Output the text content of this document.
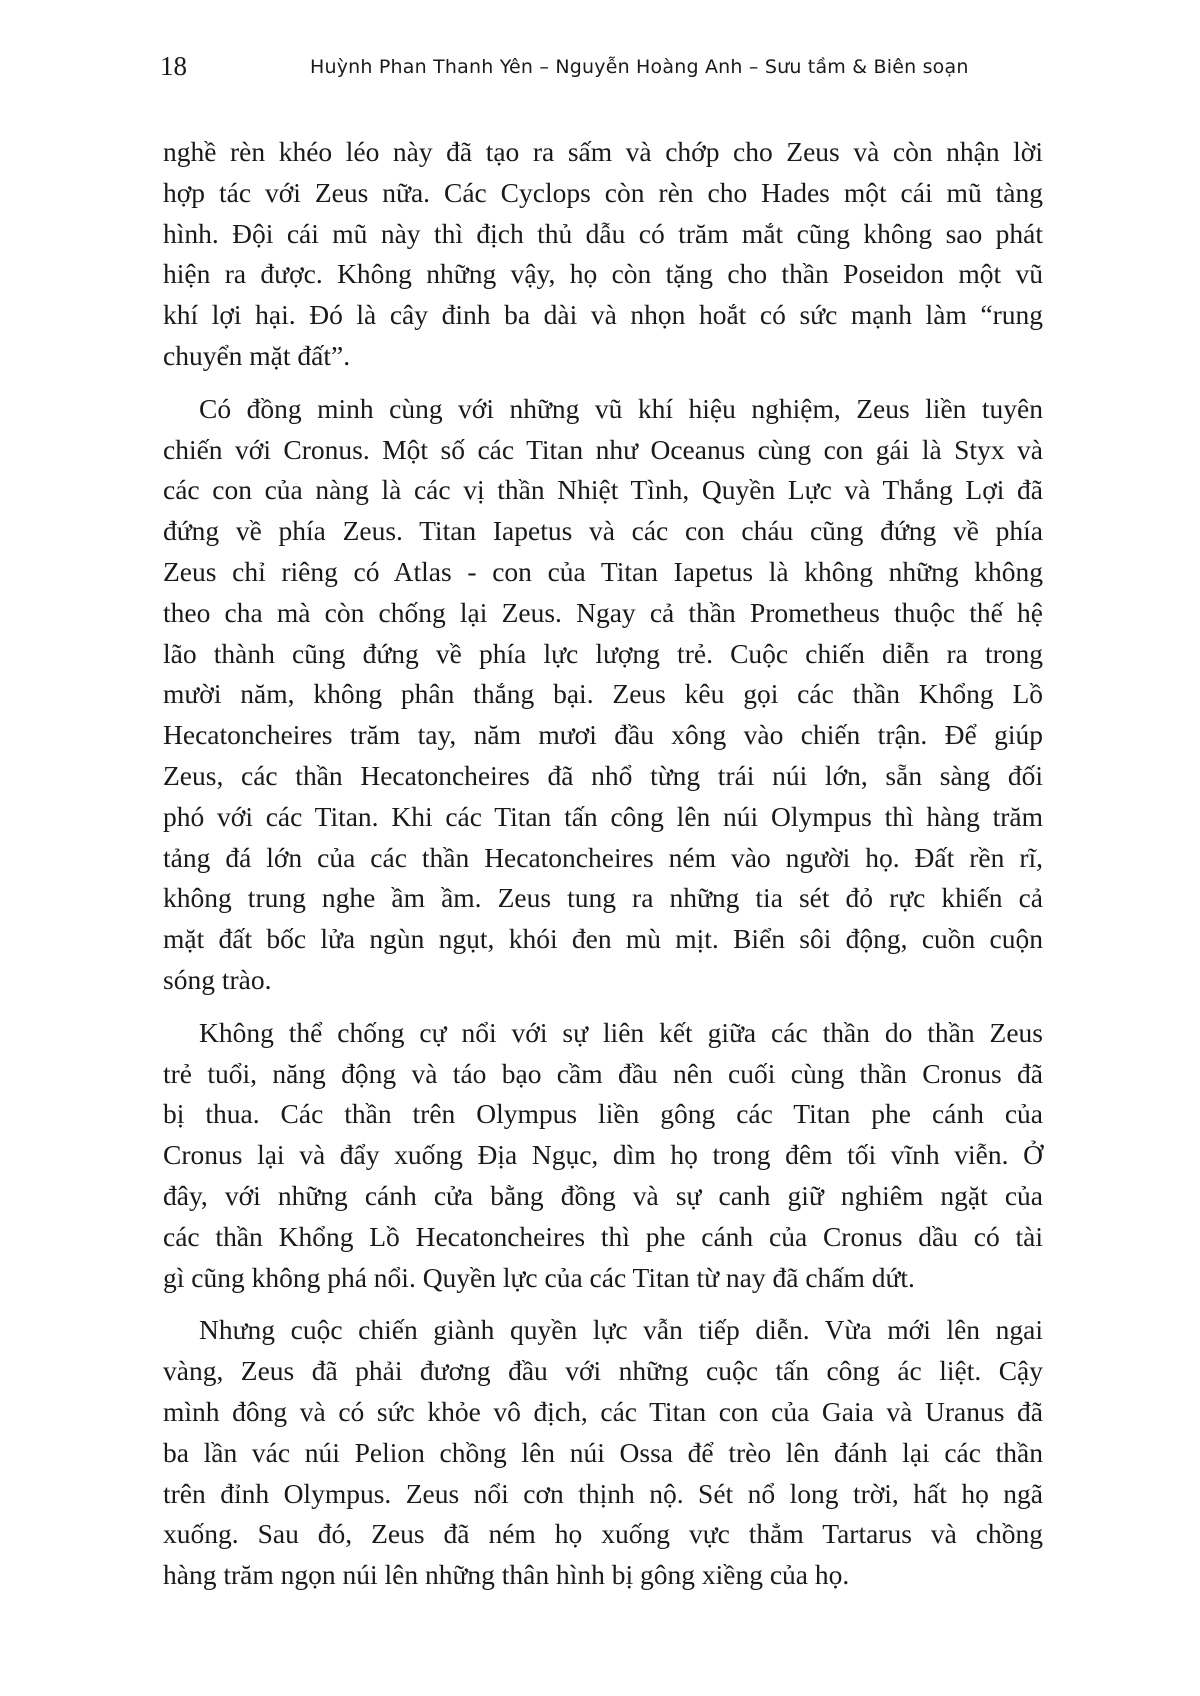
18	Huỳnh Phan Thanh Yên – Nguyễn Hoàng Anh – Sưu tầm & Biên soạn

nghề rèn khéo léo này đã tạo ra sấm và chớp cho Zeus và còn nhận lời
hợp tác với Zeus nữa. Các Cyclops còn rèn cho Hades một cái mũ tàng
hình. Đội cái mũ này thì địch thủ dẫu có trăm mắt cũng không sao phát
hiện ra được. Không những vậy, họ còn tặng cho thần Poseidon một vũ
khí lợi hại. Đó là cây đinh ba dài và nhọn hoắt có sức mạnh làm “rung
chuyển mặt đất”.

Có đồng minh cùng với những vũ khí hiệu nghiệm, Zeus liền tuyên
chiến với Cronus. Một số các Titan như Oceanus cùng con gái là Styx và
các con của nàng là các vị thần Nhiệt Tình, Quyền Lực và Thắng Lợi đã
đứng về phía Zeus. Titan Iapetus và các con cháu cũng đứng về phía
Zeus chỉ riêng có Atlas - con của Titan Iapetus là không những không
theo cha mà còn chống lại Zeus. Ngay cả thần Prometheus thuộc thế hệ
lão thành cũng đứng về phía lực lượng trẻ. Cuộc chiến diễn ra trong
mười năm, không phân thắng bại. Zeus kêu gọi các thần Khổng Lồ
Hecatoncheires trăm tay, năm mươi đầu xông vào chiến trận. Để giúp
Zeus, các thần Hecatoncheires đã nhổ từng trái núi lớn, sẵn sàng đối
phó với các Titan. Khi các Titan tấn công lên núi Olympus thì hàng trăm
tảng đá lớn của các thần Hecatoncheires ném vào người họ. Đất rền rĩ,
không trung nghe ầm ầm. Zeus tung ra những tia sét đỏ rực khiến cả
mặt đất bốc lửa ngùn ngụt, khói đen mù mịt. Biển sôi động, cuồn cuộn
sóng trào.

Không thể chống cự nổi với sự liên kết giữa các thần do thần Zeus
trẻ tuổi, năng động và táo bạo cầm đầu nên cuối cùng thần Cronus đã
bị thua. Các thần trên Olympus liền gông các Titan phe cánh của
Cronus lại và đẩy xuống Địa Ngục, dìm họ trong đêm tối vĩnh viễn. Ở
đây, với những cánh cửa bằng đồng và sự canh giữ nghiêm ngặt của
các thần Khổng Lồ Hecatoncheires thì phe cánh của Cronus dầu có tài
gì cũng không phá nổi. Quyền lực của các Titan từ nay đã chấm dứt.

Nhưng cuộc chiến giành quyền lực vẫn tiếp diễn. Vừa mới lên ngai
vàng, Zeus đã phải đương đầu với những cuộc tấn công ác liệt. Cậy
mình đông và có sức khỏe vô địch, các Titan con của Gaia và Uranus đã
ba lần vác núi Pelion chồng lên núi Ossa để trèo lên đánh lại các thần
trên đỉnh Olympus. Zeus nổi cơn thịnh nộ. Sét nổ long trời, hất họ ngã
xuống. Sau đó, Zeus đã ném họ xuống vực thẳm Tartarus và chồng
hàng trăm ngọn núi lên những thân hình bị gông xiềng của họ.
